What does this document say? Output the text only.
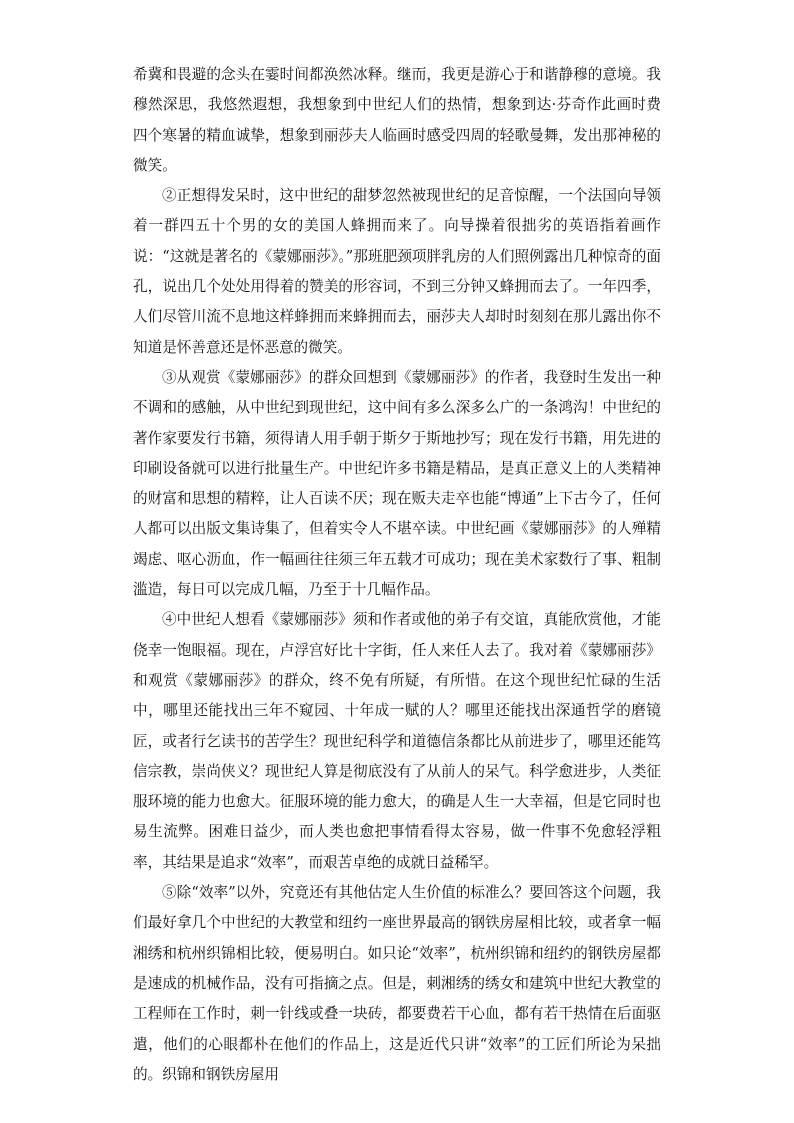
希冀和畏避的念头在霎时间都涣然冰释。继而，我更是游心于和谐静穆的意境。我穆然深思，我悠然遐想，我想象到中世纪人们的热情，想象到达·芬奇作此画时费四个寒暑的精血诚挚，想象到丽莎夫人临画时感受四周的轻歌曼舞，发出那神秘的微笑。

②正想得发呆时，这中世纪的甜梦忽然被现世纪的足音惊醒，一个法国向导领着一群四五十个男的女的美国人蜂拥而来了。向导操着很拙劣的英语指着画作说：“这就是著名的《蒙娜丽莎》。”那班肥颈项胖乳房的人们照例露出几种惊奇的面孔，说出几个处处用得着的赞美的形容词，不到三分钟又蜂拥而去了。一年四季，人们尽管川流不息地这样蜂拥而来蜂拥而去，丽莎夫人却时时刻刻在那儿露出你不知道是怀善意还是怀恶意的微笑。

③从观赏《蒙娜丽莎》的群众回想到《蒙娜丽莎》的作者，我登时生发出一种不调和的感触，从中世纪到现世纪，这中间有多么深多么广的一条鸿沟！中世纪的著作家要发行书籍，须得请人用手朝于斯夕于斯地抄写；现在发行书籍，用先进的印刷设备就可以进行批量生产。中世纪许多书籍是精品，是真正意义上的人类精神的财富和思想的精粹，让人百读不厌；现在贩夫走卒也能“博通”上下古今了，任何人都可以出版文集诗集了，但着实令人不堪卒读。中世纪画《蒙娜丽莎》的人殚精竭虑、呕心沥血，作一幅画往往须三年五载才可成功；现在美术家数行了事、粗制滥造，每日可以完成几幅，乃至于十几幅作品。

④中世纪人想看《蒙娜丽莎》须和作者或他的弟子有交谊，真能欣赏他，才能侥幸一饱眼福。现在，卢浮宫好比十字街，任人来任人去了。我对着《蒙娜丽莎》和观赏《蒙娜丽莎》的群众，终不免有所疑，有所惜。在这个现世纪忙碌的生活中，哪里还能找出三年不窥园、十年成一赋的人？哪里还能找出深通哲学的磨镜匠，或者行乞读书的苦学生？现世纪科学和道德信条都比从前进步了，哪里还能笃信宗教，崇尚侠义？现世纪人算是彻底没有了从前人的呆气。科学愈进步，人类征服环境的能力也愈大。征服环境的能力愈大，的确是人生一大幸福，但是它同时也易生流弊。困难日益少，而人类也愈把事情看得太容易，做一件事不免愈轻浮粗率，其结果是追求“效率”，而艰苦卓绝的成就日益稀罕。

⑤除“效率”以外，究竟还有其他估定人生价值的标准么？要回答这个问题，我们最好拿几个中世纪的大教堂和纽约一座世界最高的钢铁房屋相比较，或者拿一幅湘绣和杭州织锦相比较，便易明白。如只论“效率”，杭州织锦和纽约的钢铁房屋都是速成的机械作品，没有可指摘之点。但是，刺湘绣的绣女和建筑中世纪大教堂的工程师在工作时，刺一针线或叠一块砖，都要费若干心血，都有若干热情在后面驱遣，他们的心眼都朴在他们的作品上，这是近代只讲“效率”的工匠们所论为呆拙的。织锦和钢铁房屋用
